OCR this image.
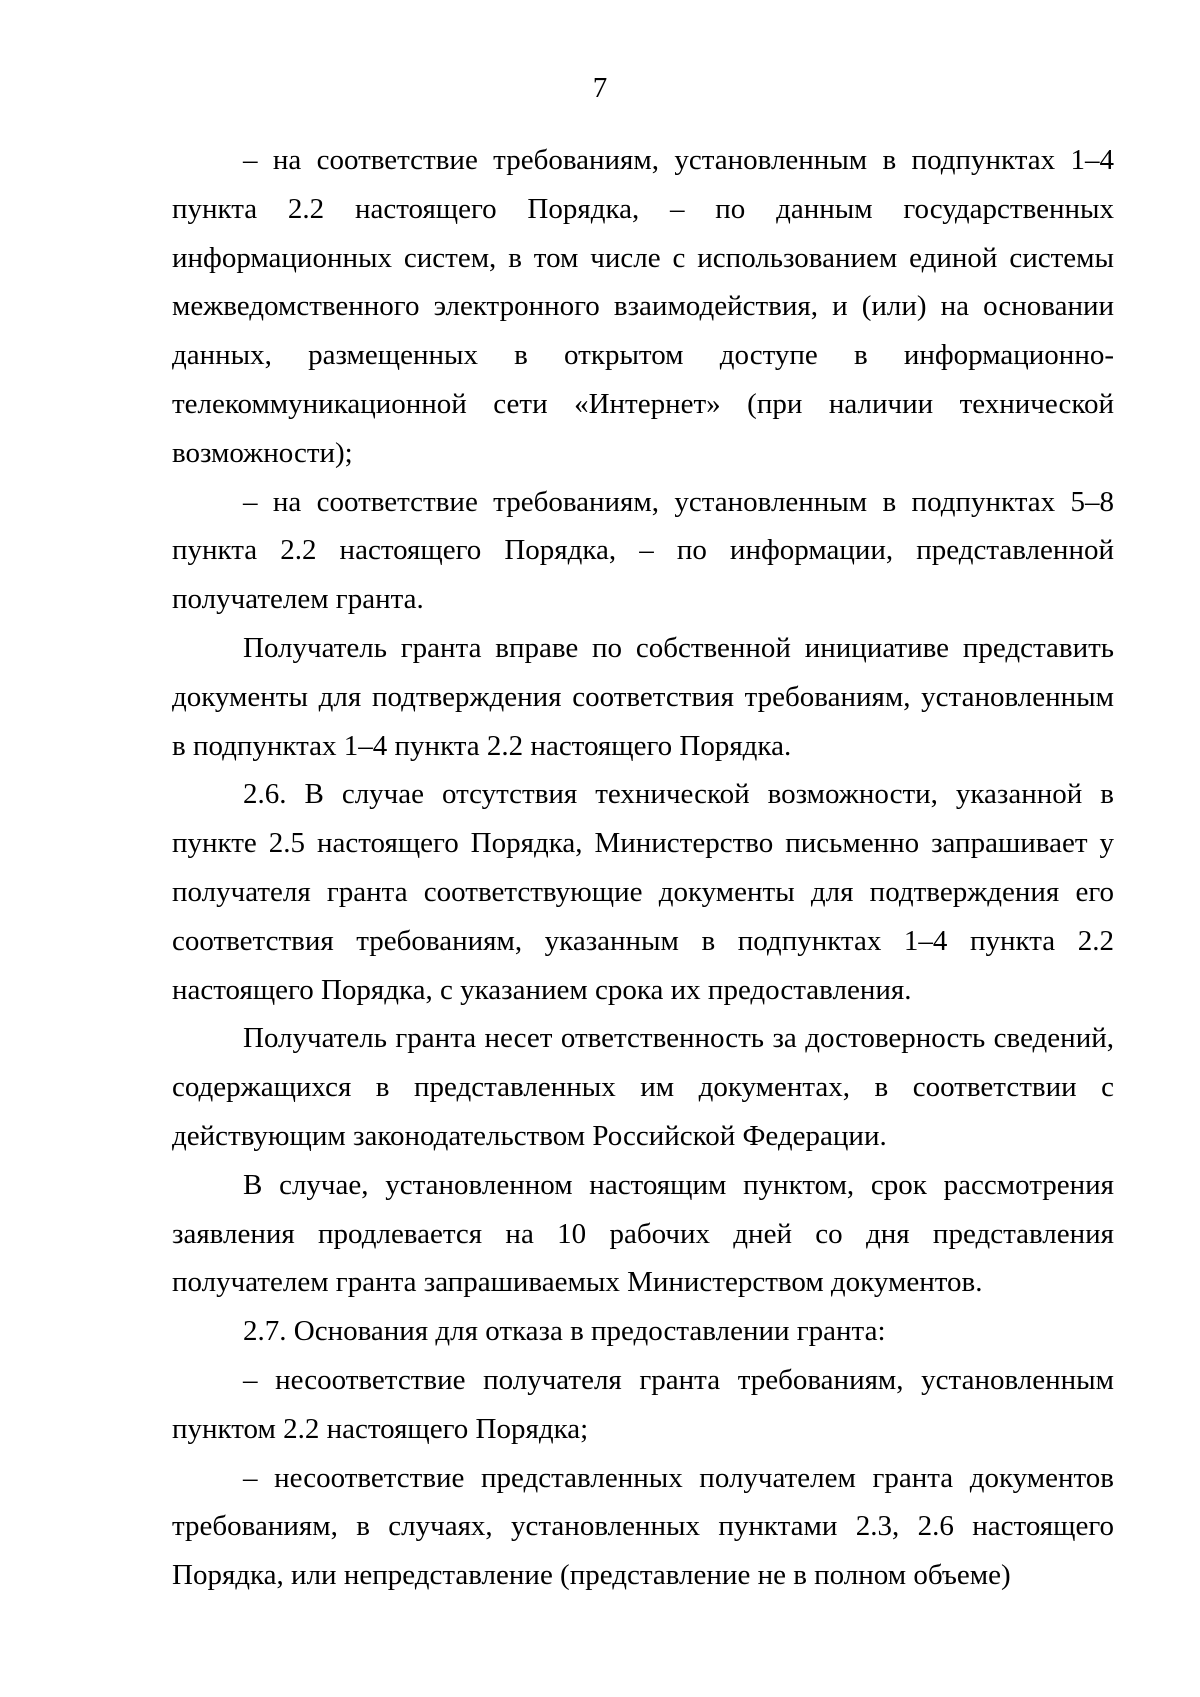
7

– на соответствие требованиям, установленным в подпунктах 1–4 пункта 2.2 настоящего Порядка, – по данным государственных информационных систем, в том числе с использованием единой системы межведомственного электронного взаимодействия, и (или) на основании данных, размещенных в открытом доступе в информационно-телекоммуникационной сети «Интернет» (при наличии технической возможности);

– на соответствие требованиям, установленным в подпунктах 5–8 пункта 2.2 настоящего Порядка, – по информации, представленной получателем гранта.

Получатель гранта вправе по собственной инициативе представить документы для подтверждения соответствия требованиям, установленным в подпунктах 1–4 пункта 2.2 настоящего Порядка.

2.6. В случае отсутствия технической возможности, указанной в пункте 2.5 настоящего Порядка, Министерство письменно запрашивает у получателя гранта соответствующие документы для подтверждения его соответствия требованиям, указанным в подпунктах 1–4 пункта 2.2 настоящего Порядка, с указанием срока их предоставления.

Получатель гранта несет ответственность за достоверность сведений, содержащихся в представленных им документах, в соответствии с действующим законодательством Российской Федерации.

В случае, установленном настоящим пунктом, срок рассмотрения заявления продлевается на 10 рабочих дней со дня представления получателем гранта запрашиваемых Министерством документов.

2.7. Основания для отказа в предоставлении гранта:

– несоответствие получателя гранта требованиям, установленным пунктом 2.2 настоящего Порядка;

– несоответствие представленных получателем гранта документов требованиям, в случаях, установленных пунктами 2.3, 2.6 настоящего Порядка, или непредставление (представление не в полном объеме)
